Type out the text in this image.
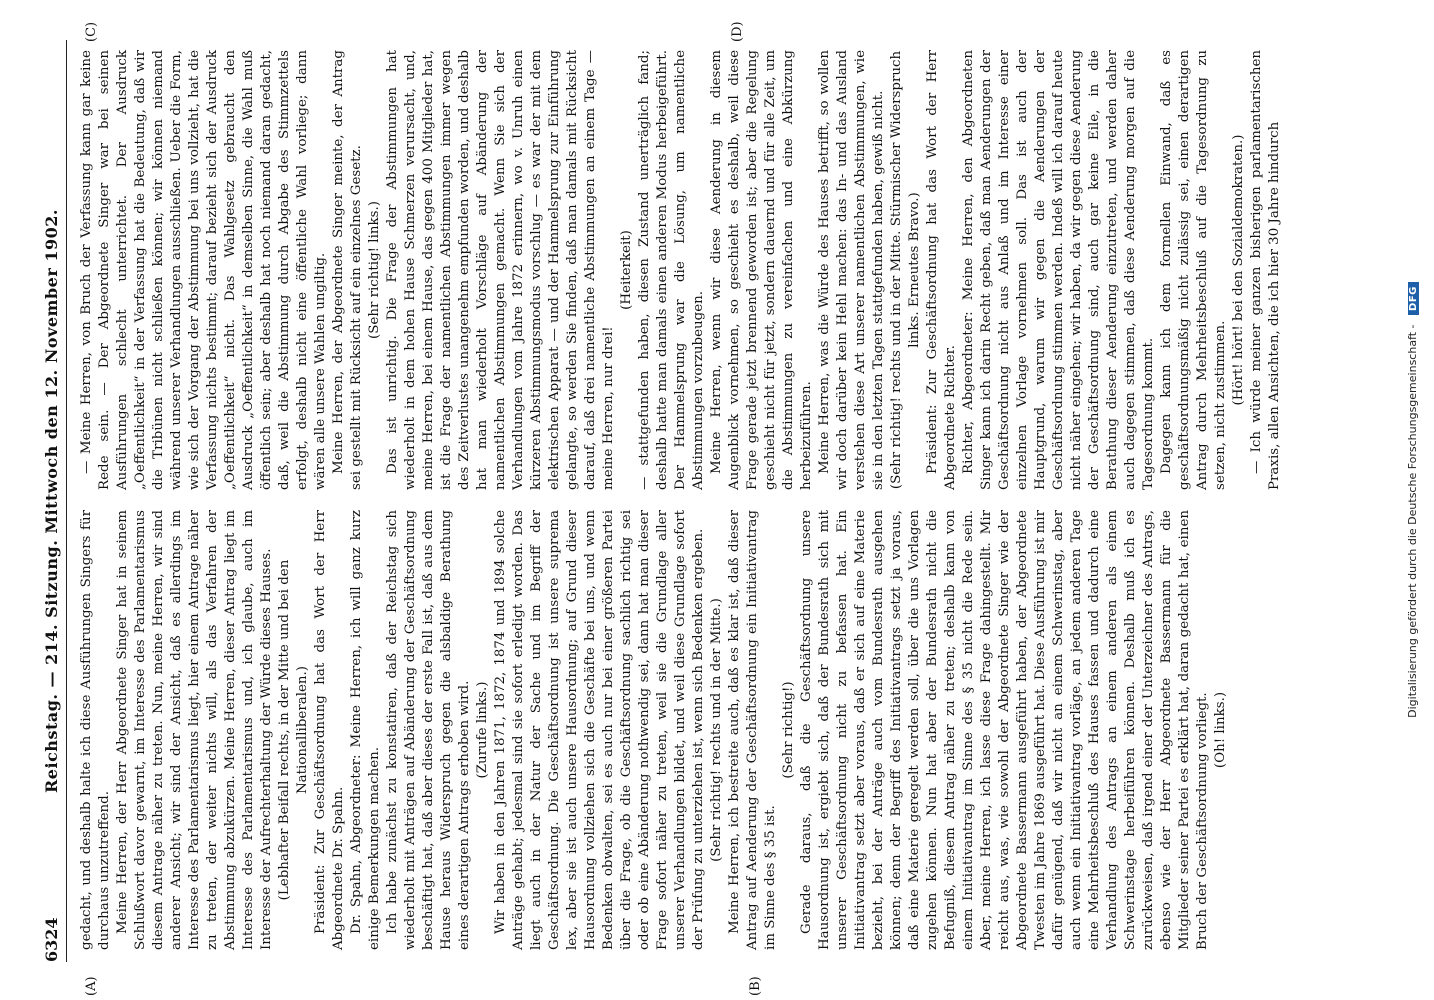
6324
Reichstag. — 214. Sitzung. Mittwoch den 12. November 1902.
(A)	(B)
(C)	(D)

gedacht, und deshalb halte ich diese Ausführungen Singers für durchaus unzutreffend. Meine Herren, der Herr Abgeordnete Singer hat in seinem Schlußwort davor gewarnt, im Interesse des Parlamentarismus diesem Antrage näher zu treten. Nun, meine Herren, wir sind anderer Ansicht; wir sind der Ansicht, daß es allerdings im Interesse des Parlamentarismus liegt, hier einem Antrage näher zu treten, der weiter nichts will, als das Verfahren der Abstimmung abzukürzen. Meine Herren, dieser Antrag liegt im Interesse des Parlamentarismus und, ich glaube, auch im Interesse der Aufrechterhaltung der Würde dieses Hauses. (Lebhafter Beifall rechts, in der Mitte und bei den Nationalliberalen.) Präsident: Zur Geschäftsordnung hat das Wort der Herr Abgeordnete Dr. Spahn. Dr. Spahn, Abgeordneter: Meine Herren, ich will ganz kurz einige Bemerkungen machen. Ich habe zunächst zu konstatiren, daß der Reichstag sich wiederholt mit Anträgen auf Abänderung der Geschäftsordnung beschäftigt hat, daß aber dieses der erste Fall ist, daß aus dem Hause heraus Widerspruch gegen die alsbaldige Berathung eines derartigen Antrags erhoben wird. (Zurufe links.) Wir haben in den Jahren 1871, 1872, 1874 und 1894 solche Anträge gehabt; jedesmal sind sie sofort erledigt worden. Das liegt auch in der Natur der Sache und im Begriff der Geschäftsordnung. Die Geschäftsordnung ist unsere suprema lex, aber sie ist auch unsere Hausordnung; auf Grund dieser Hausordnung vollziehen sich die Geschäfte bei uns, und wenn Bedenken obwalten, sei es auch nur bei einer größeren Partei über die Frage, ob die Geschäftsordnung sachlich richtig sei oder ob eine Abänderung nothwendig sei, dann hat man dieser Frage sofort näher zu treten, weil sie die Grundlage aller unserer Verhandlungen bildet, und weil diese Grundlage sofort der Prüfung zu unterziehen ist, wenn sich Bedenken ergeben. (Sehr richtig! rechts und in der Mitte.) Meine Herren, ich bestreite auch, daß es klar ist, daß dieser Antrag auf Aenderung der Geschäftsordnung ein Initiativantrag im Sinne des § 35 ist.

(Sehr richtig!) Gerade daraus, daß die Geschäftsordnung unsere Hausordnung ist, ergiebt sich, daß der Bundesrath sich mit unserer Geschäftsordnung nicht zu befassen hat. Ein Initiativantrag setzt aber voraus, daß er sich auf eine Materie bezieht, bei der Anträge auch vom Bundesrath ausgehen können; denn der Begriff des Initiativantrags setzt ja voraus, daß eine Materie geregelt werden soll, über die uns Vorlagen zugehen können. Nun hat aber der Bundesrath nicht die Befugniß, diesem Antrag näher zu treten; deshalb kann von einem Initiativantrag im Sinne des § 35 nicht die Rede sein. Aber, meine Herren, ich lasse diese Frage dahingestellt. Mir reicht aus, was, wie sowohl der Abgeordnete Singer wie der Abgeordnete Bassermann ausgeführt haben, der Abgeordnete Twesten im Jahre 1869 ausgeführt hat. Diese Ausführung ist mir dafür genügend, daß wir nicht an einem Schwerinstag, aber auch wenn ein Initiativantrag vorläge, an jedem anderen Tage eine Mehrheitsbeschluß des Hauses fassen und dadurch eine Verhandlung des Antrags an einem anderen als einem Schwerinstage herbeiführen können. Deshalb muß ich es zurückweisen, daß irgend einer der Unterzeichner des Antrags, ebenso wie der Herr Abgeordnete Bassermann für die Mitglieder seiner Partei es erklärt hat, daran gedacht hat, einen Bruch der Geschäftsordnung vorliegt. (Oh! links.)

— Meine Herren, von Bruch der Verfassung kann gar keine Rede sein. — Der Abgeordnete Singer war bei seinen Ausführungen schlecht unterrichtet. Der Ausdruck „Oeffentlichkeit“ in der Verfassung hat die Bedeutung, daß wir die Tribünen nicht schließen können; wir können niemand während unserer Verhandlungen ausschließen. Ueber die Form, wie sich der Vorgang der Abstimmung bei uns vollzieht, hat die Verfassung nichts bestimmt; darauf bezieht sich der Ausdruck „Oeffentlichkeit“ nicht. Das Wahlgesetz gebraucht den Ausdruck „Oeffentlichkeit“ in demselben Sinne, die Wahl muß öffentlich sein; aber deshalb hat noch niemand daran gedacht, daß, weil die Abstimmung durch Abgabe des Stimmzettels erfolgt, deshalb nicht eine öffentliche Wahl vorliege; dann wären alle unsere Wahlen ungiltig. Meine Herren, der Abgeordnete Singer meinte, der Antrag sei gestellt mit Rücksicht auf ein einzelnes Gesetz. (Sehr richtig! links.) Das ist unrichtig. Die Frage der Abstimmungen hat wiederholt in dem hohen Hause Schmerzen verursacht, und, meine Herren, bei einem Hause, das gegen 400 Mitglieder hat, ist die Frage der namentlichen Abstimmungen immer wegen des Zeitverlustes unangenehm empfunden worden, und deshalb hat man wiederholt Vorschläge auf Abänderung der namentlichen Abstimmungen gemacht. Wenn Sie sich der Verhandlungen vom Jahre 1872 erinnern, wo v. Unruh einen kürzeren Abstimmungsmodus vorschlug — es war der mit dem elektrischen Apparat — und der Hammelsprung zur Einführung gelangte, so werden Sie finden, daß man damals mit Rücksicht darauf, daß drei namentliche Abstimmungen an einem Tage — meine Herren, nur drei!

(Heiterkeit) — stattgefunden haben, diesen Zustand unerträglich fand; deshalb hatte man damals einen anderen Modus herbeigeführt. Der Hammelsprung war die Lösung, um namentliche Abstimmungen vorzubeugen. Meine Herren, wenn wir diese Aenderung in diesem Augenblick vornehmen, so geschieht es deshalb, weil diese Frage gerade jetzt brennend geworden ist; aber die Regelung geschieht nicht für jetzt, sondern dauernd und für alle Zeit, um die Abstimmungen zu vereinfachen und eine Abkürzung herbeizuführen. Meine Herren, was die Würde des Hauses betrifft, so wollen wir doch darüber kein Hehl machen: das In- und das Ausland verstehen diese Art unserer namentlichen Abstimmungen, wie sie in den letzten Tagen stattgefunden haben, gewiß nicht. (Sehr richtig! rechts und in der Mitte. Stürmischer Widerspruch links. Erneutes Bravo.) Präsident: Zur Geschäftsordnung hat das Wort der Herr Abgeordnete Richter. Richter, Abgeordneter: Meine Herren, den Abgeordneten Singer kann ich darin Recht geben, daß man Aenderungen der Geschäftsordnung nicht aus Anlaß und im Interesse einer einzelnen Vorlage vornehmen soll. Das ist auch der Hauptgrund, warum wir gegen die Aenderungen der Geschäftsordnung stimmen werden. Indeß will ich darauf heute nicht näher eingehen; wir haben, da wir gegen diese Aenderung der Geschäftsordnung sind, auch gar keine Eile, in die Berathung dieser Aenderung einzutreten, und werden daher auch dagegen stimmen, daß diese Aenderung morgen auf die Tagesordnung kommt. Dagegen kann ich dem formellen Einwand, daß es geschäftsordnungsmäßig nicht zulässig sei, einen derartigen Antrag durch Mehrheitsbeschluß auf die Tagesordnung zu setzen, nicht zustimmen. (Hört! hört! bei den Sozialdemokraten.) — Ich würde meiner ganzen bisherigen parlamentarischen Praxis, allen Ansichten, die ich hier 30 Jahre hindurch

Digitalisierung gefördert durch die Deutsche Forschungsgemeinschaft - DFG
